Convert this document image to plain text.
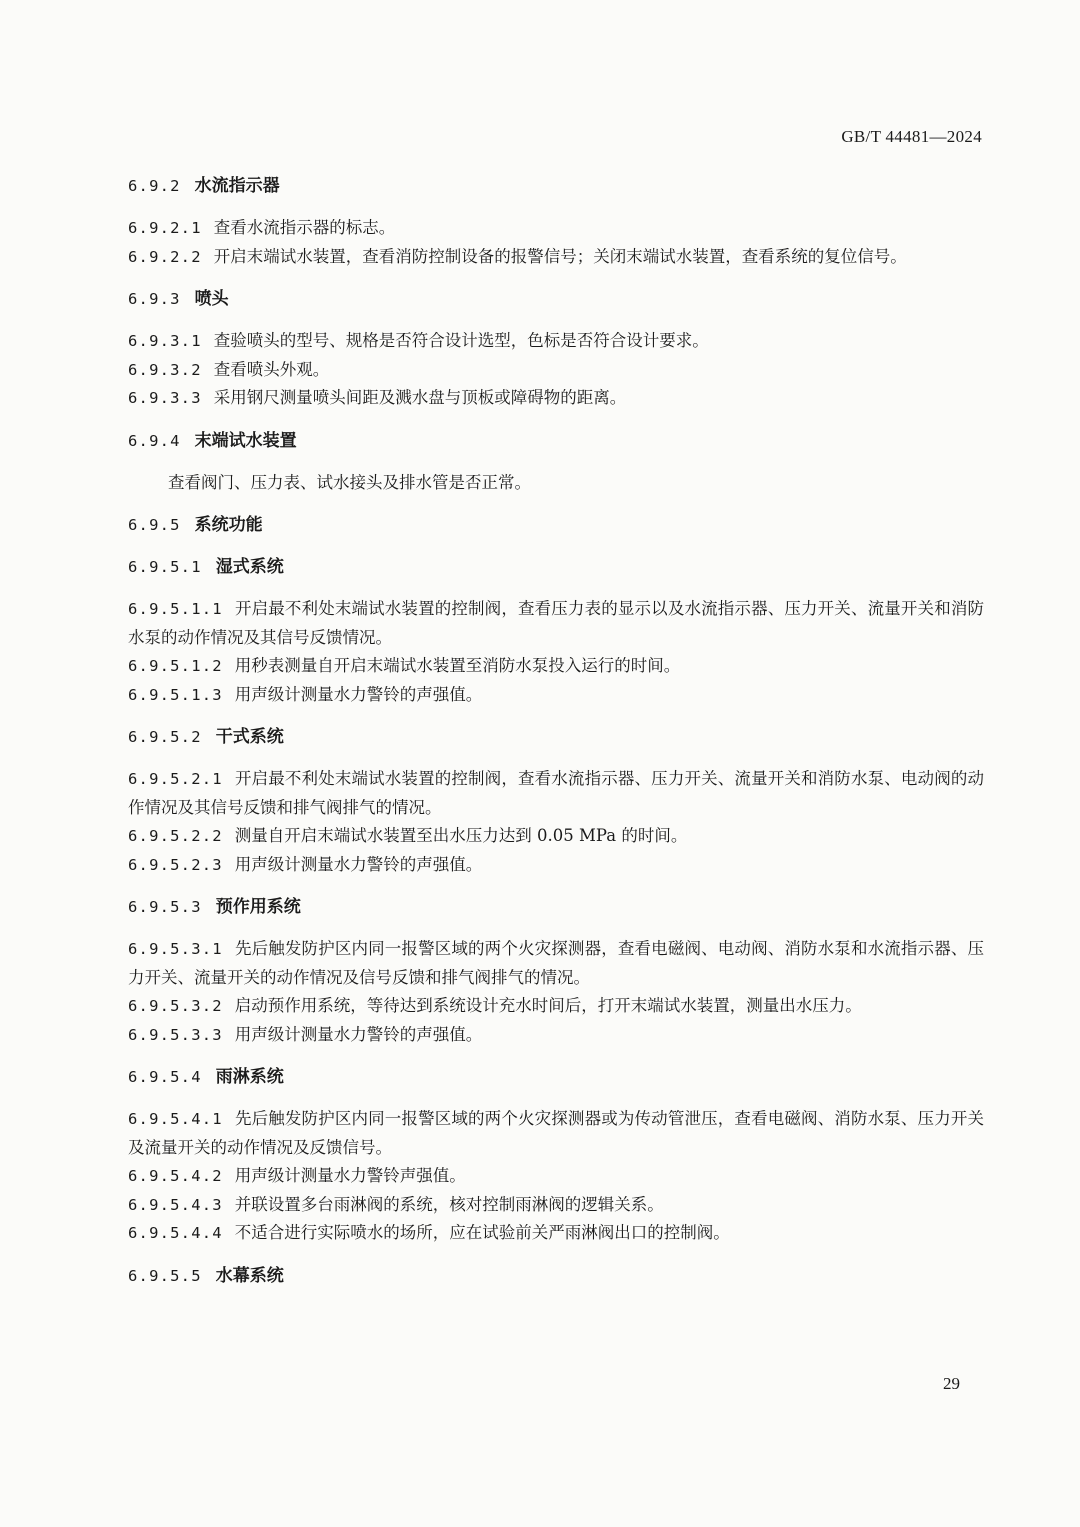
GB/T 44481—2024

6.9.2 水流指示器

6.9.2.1 查看水流指示器的标志。

6.9.2.2 开启末端试水装置，查看消防控制设备的报警信号；关闭末端试水装置，查看系统的复位信号。

6.9.3 喷头

6.9.3.1 查验喷头的型号、规格是否符合设计选型，色标是否符合设计要求。

6.9.3.2 查看喷头外观。

6.9.3.3 采用钢尺测量喷头间距及溅水盘与顶板或障碍物的距离。

6.9.4 末端试水装置

查看阀门、压力表、试水接头及排水管是否正常。

6.9.5 系统功能

6.9.5.1 湿式系统

6.9.5.1.1 开启最不利处末端试水装置的控制阀，查看压力表的显示以及水流指示器、压力开关、流量开关和消防水泵的动作情况及其信号反馈情况。

6.9.5.1.2 用秒表测量自开启末端试水装置至消防水泵投入运行的时间。

6.9.5.1.3 用声级计测量水力警铃的声强值。

6.9.5.2 干式系统

6.9.5.2.1 开启最不利处末端试水装置的控制阀，查看水流指示器、压力开关、流量开关和消防水泵、电动阀的动作情况及其信号反馈和排气阀排气的情况。

6.9.5.2.2 测量自开启末端试水装置至出水压力达到 0.05 MPa 的时间。

6.9.5.2.3 用声级计测量水力警铃的声强值。

6.9.5.3 预作用系统

6.9.5.3.1 先后触发防护区内同一报警区域的两个火灾探测器，查看电磁阀、电动阀、消防水泵和水流指示器、压力开关、流量开关的动作情况及信号反馈和排气阀排气的情况。

6.9.5.3.2 启动预作用系统，等待达到系统设计充水时间后，打开末端试水装置，测量出水压力。

6.9.5.3.3 用声级计测量水力警铃的声强值。

6.9.5.4 雨淋系统

6.9.5.4.1 先后触发防护区内同一报警区域的两个火灾探测器或为传动管泄压，查看电磁阀、消防水泵、压力开关及流量开关的动作情况及反馈信号。

6.9.5.4.2 用声级计测量水力警铃声强值。

6.9.5.4.3 并联设置多台雨淋阀的系统，核对控制雨淋阀的逻辑关系。

6.9.5.4.4 不适合进行实际喷水的场所，应在试验前关严雨淋阀出口的控制阀。

6.9.5.5 水幕系统

29
